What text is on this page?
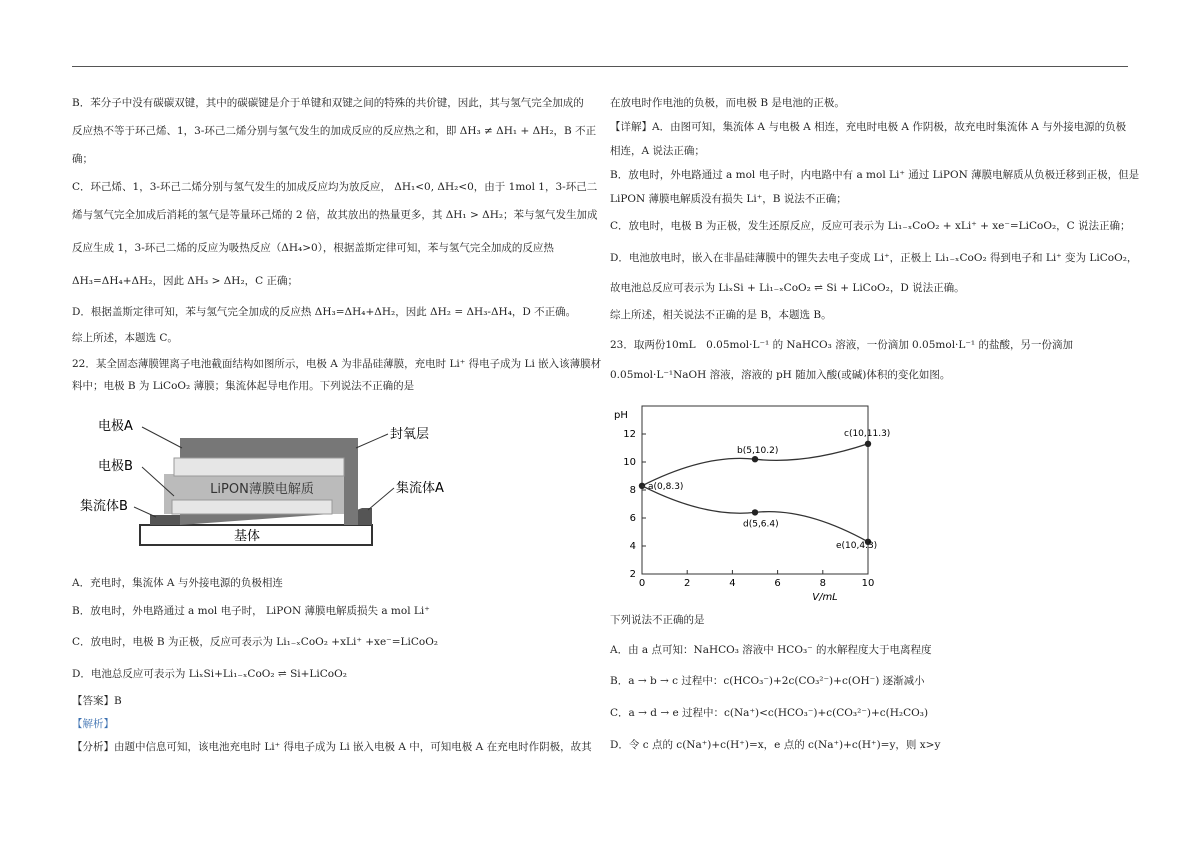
B．苯分子中没有碳碳双键，其中的碳碳键是介于单键和双键之间的特殊的共价键，因此，其与氢气完全加成的
反应热不等于环己烯、1，3-环己二烯分别与氢气发生的加成反应的反应热之和，即 ΔH₃ ≠ ΔH₁ + ΔH₂，B 不正
确；
C．环己烯、1，3-环己二烯分别与氢气发生的加成反应均为放反应， ΔH₁<0, ΔH₂<0，由于 1mol 1，3-环己二
烯与氢气完全加成后消耗的氢气是等量环己烯的 2 倍，故其放出的热量更多，其 ΔH₁ > ΔH₂；苯与氢气发生加成
反应生成 1，3-环己二烯的反应为吸热反应（ΔH₄>0），根据盖斯定律可知，苯与氢气完全加成的反应热
ΔH₃=ΔH₄+ΔH₂，因此 ΔH₃ > ΔH₂，C 正确；
D．根据盖斯定律可知，苯与氢气完全加成的反应热 ΔH₃=ΔH₄+ΔH₂，因此 ΔH₂ = ΔH₃-ΔH₄，D 不正确。
综上所述，本题选 C。
22．某全固态薄膜锂离子电池截面结构如图所示，电极 A 为非晶硅薄膜，充电时 Li⁺ 得电子成为 Li 嵌入该薄膜材
料中；电极 B 为 LiCoO₂ 薄膜；集流体起导电作用。下列说法不正确的是
基体
LiPON薄膜电解质
电极A
电极B
集流体B
封氧层
集流体A
A．充电时，集流体 A 与外接电源的负极相连
B．放电时，外电路通过 a mol 电子时， LiPON 薄膜电解质损失 a mol Li⁺
C．放电时，电极 B 为正极，反应可表示为 Li₁₋ₓCoO₂ +xLi⁺ +xe⁻=LiCoO₂
D．电池总反应可表示为 LiₓSi+Li₁₋ₓCoO₂ ⇌ Si+LiCoO₂
【答案】B
【解析】
【分析】由题中信息可知，该电池充电时 Li⁺ 得电子成为 Li 嵌入电极 A 中，可知电极 A 在充电时作阴极，故其
在放电时作电池的负极，而电极 B 是电池的正极。
【详解】A．由图可知，集流体 A 与电极 A 相连，充电时电极 A 作阴极，故充电时集流体 A 与外接电源的负极
相连，A 说法正确；
B．放电时，外电路通过 a mol 电子时，内电路中有 a mol Li⁺ 通过 LiPON 薄膜电解质从负极迁移到正极，但是
LiPON 薄膜电解质没有损失 Li⁺，B 说法不正确；
C．放电时，电极 B 为正极，发生还原反应，反应可表示为 Li₁₋ₓCoO₂ + xLi⁺ + xe⁻=LiCoO₂，C 说法正确；
D．电池放电时，嵌入在非晶硅薄膜中的锂失去电子变成 Li⁺，正极上 Li₁₋ₓCoO₂ 得到电子和 Li⁺ 变为 LiCoO₂，
故电池总反应可表示为 LiₓSi + Li₁₋ₓCoO₂ ⇌ Si + LiCoO₂，D 说法正确。
综上所述，相关说法不正确的是 B，本题选 B。
23．取两份10mL　0.05mol·L⁻¹ 的 NaHCO₃ 溶液，一份滴加 0.05mol·L⁻¹ 的盐酸，另一份滴加
0.05mol·L⁻¹NaOH 溶液，溶液的 pH 随加入酸(或碱)体积的变化如图。
0	2	4	6	8	10
2
4
6
8
10
12
pH
V/mL
a(0,8.3)
b(5,10.2)
c(10,11.3)
d(5,6.4)
e(10,4.3)
下列说法不正确的是
A．由 a 点可知：NaHCO₃ 溶液中 HCO₃⁻ 的水解程度大于电离程度
B．a → b → c 过程中：c(HCO₃⁻)+2c(CO₃²⁻)+c(OH⁻) 逐渐减小
C．a → d → e 过程中：c(Na⁺)<c(HCO₃⁻)+c(CO₃²⁻)+c(H₂CO₃)
D．令 c 点的 c(Na⁺)+c(H⁺)=x，e 点的 c(Na⁺)+c(H⁺)=y，则 x>y
